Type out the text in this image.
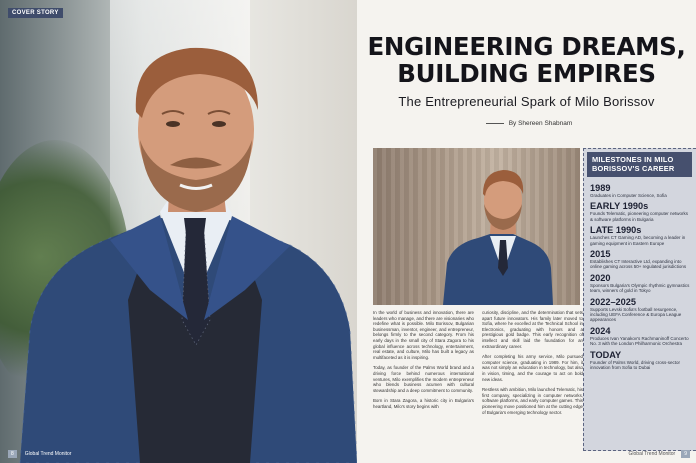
COVER STORY
8	Global Trend Monitor
ENGINEERING DREAMS,
BUILDING EMPIRES
The Entrepreneurial Spark of Milo Borissov
By Shereen Shabnam

In the world of business and innovation, there are leaders who manage, and there are visionaries who redefine what is possible. Milo Borissov, Bulgarian businessman, inventor, engineer, and entrepreneur, belongs firmly to the second category. From his early days in the small city of Stara Zagora to his global influence across technology, entertainment, real estate, and culture, Milo has built a legacy as multifaceted as it is inspiring.

Today, as founder of the Palms World brand and a driving force behind numerous international ventures, Milo exemplifies the modern entrepreneur who blends business acumen with cultural stewardship and a deep commitment to community.

Born in Stara Zagora, a historic city in Bulgaria's heartland, Milo's story begins with

curiosity, discipline, and the determination that sets apart future innovators. His family later moved to Sofia, where he excelled at the Technical School in Electronics, graduating with honors and a prestigious gold badge. This early recognition of intellect and skill laid the foundation for an extraordinary career.

After completing his army service, Milo pursued computer science, graduating in 1989. For him, it was not simply an education in technology, but also in vision, timing, and the courage to act on bold new ideas.

Restless with ambition, Milo launched Telematic, his first company, specializing in computer networks, software platforms, and early computer games. This pioneering move positioned him at the cutting edge of Bulgaria's emerging technology sector.

MILESTONES IN MILO BORISSOV'S CAREER
1989
Graduates in Computer Science, Sofia
EARLY 1990s
Founds Telematic, pioneering computer networks & software platforms in Bulgaria
LATE 1990s
Launches CT Gaming AD, becoming a leader in gaming equipment in Eastern Europe
2015
Establishes CT Interactive Ltd, expanding into online gaming across 50+ regulated jurisdictions
2020
Sponsors Bulgaria's Olympic rhythmic gymnastics team, winners of gold in Tokyo
2022–2025
Supports Levski Sofia's football resurgence, including UEFA Conference & Europa League appearances
2024
Produces Ivan Yanakov's Rachmaninoff Concerto No. 3 with the London Philharmonic Orchestra
TODAY
Founder of Palms World, driving cross-sector innovation from Sofia to Dubai
Global Trend Monitor	9
